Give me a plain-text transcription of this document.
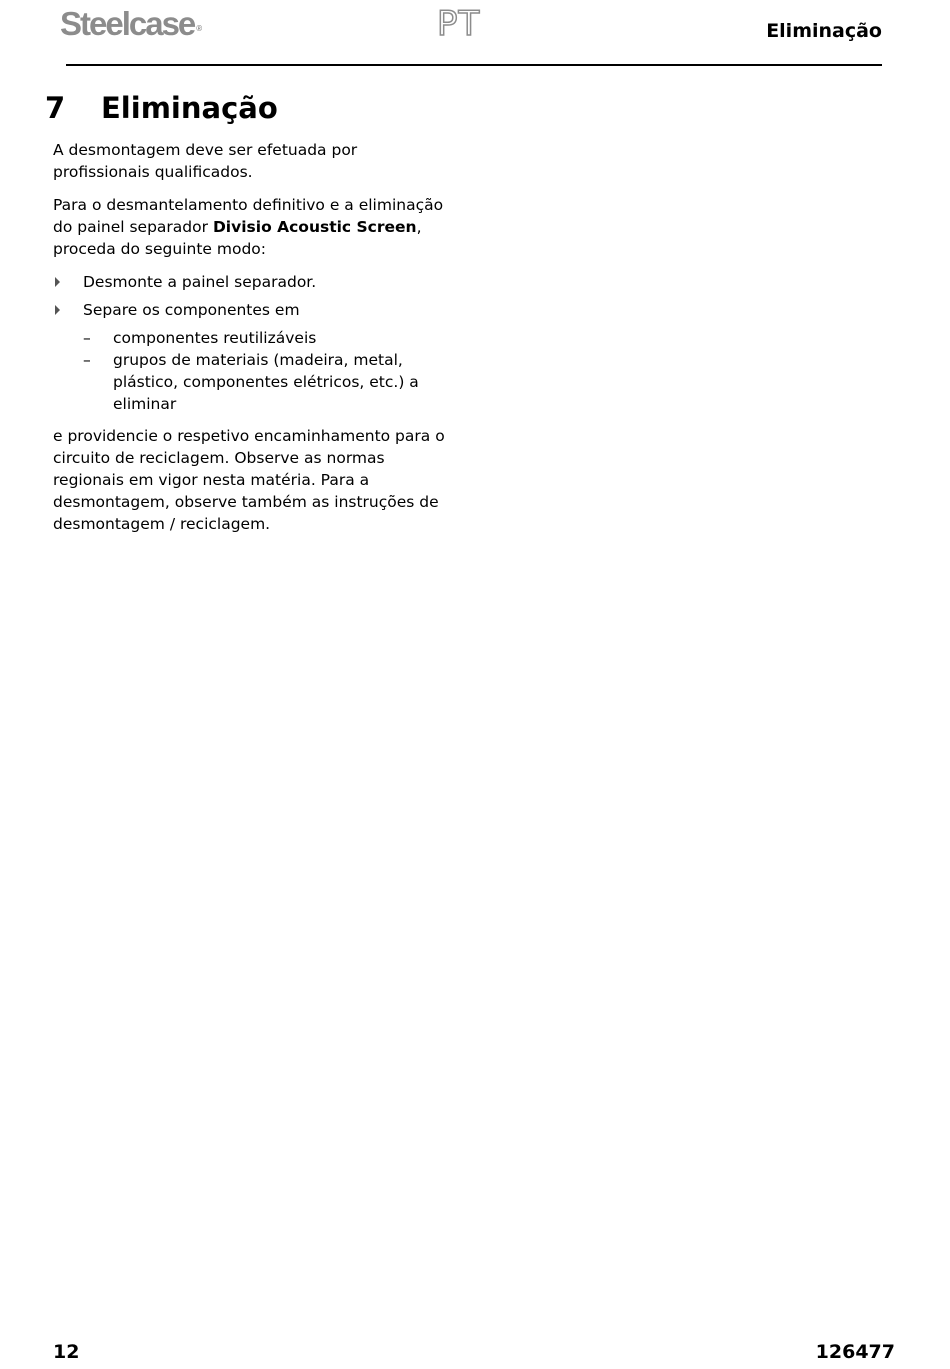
Steelcase ®	PT	Eliminação
7 Eliminação

A desmontagem deve ser efetuada por profissionais qualificados.

Para o desmantelamento definitivo e a eliminação do painel separador Divisio Acoustic Screen, proceda do seguinte modo:

Desmonte a painel separador.
Separe os componentes em
– componentes reutilizáveis
– grupos de materiais (madeira, metal, plástico, componentes elétricos, etc.) a eliminar

e providencie o respetivo encaminhamento para o circuito de reciclagem. Observe as normas regionais em vigor nesta matéria. Para a desmontagem, observe também as instruções de desmontagem / reciclagem.

12	126477
